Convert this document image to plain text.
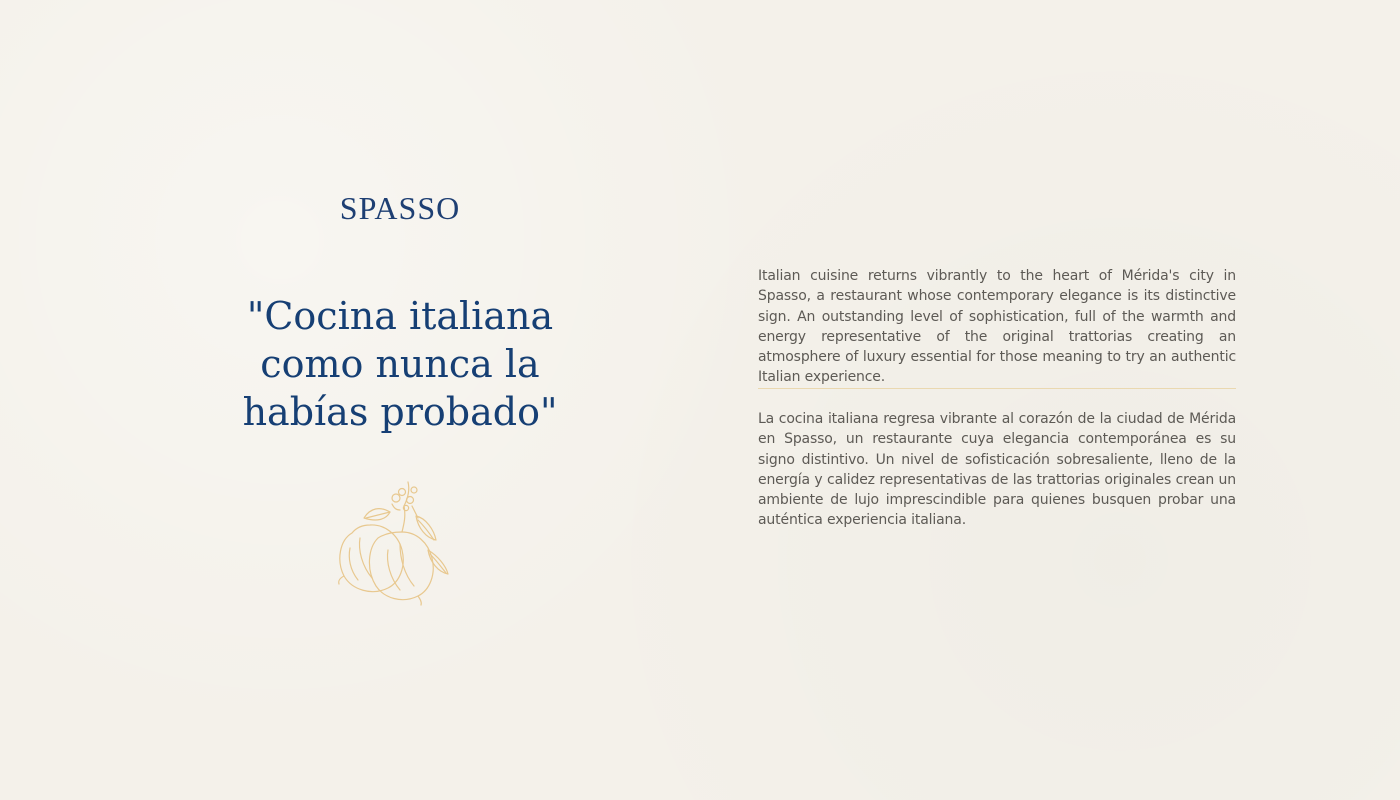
SPASSO
"Cocina italiana como nunca la habías probado"
Italian cuisine returns vibrantly to the heart of Mérida's city in Spasso, a restaurant whose contemporary elegance is its distinctive sign. An outstanding level of sophistication, full of the warmth and energy representative of the original trattorias creating an atmosphere of luxury essential for those meaning to try an authentic Italian experience.
La cocina italiana regresa vibrante al corazón de la ciudad de Mérida en Spasso, un restaurante cuya elegancia contemporánea es su signo distintivo. Un nivel de sofisticación sobresaliente, lleno de la energía y calidez representativas de las trattorias originales crean un ambiente de lujo imprescindible para quienes busquen probar una auténtica experiencia italiana.
